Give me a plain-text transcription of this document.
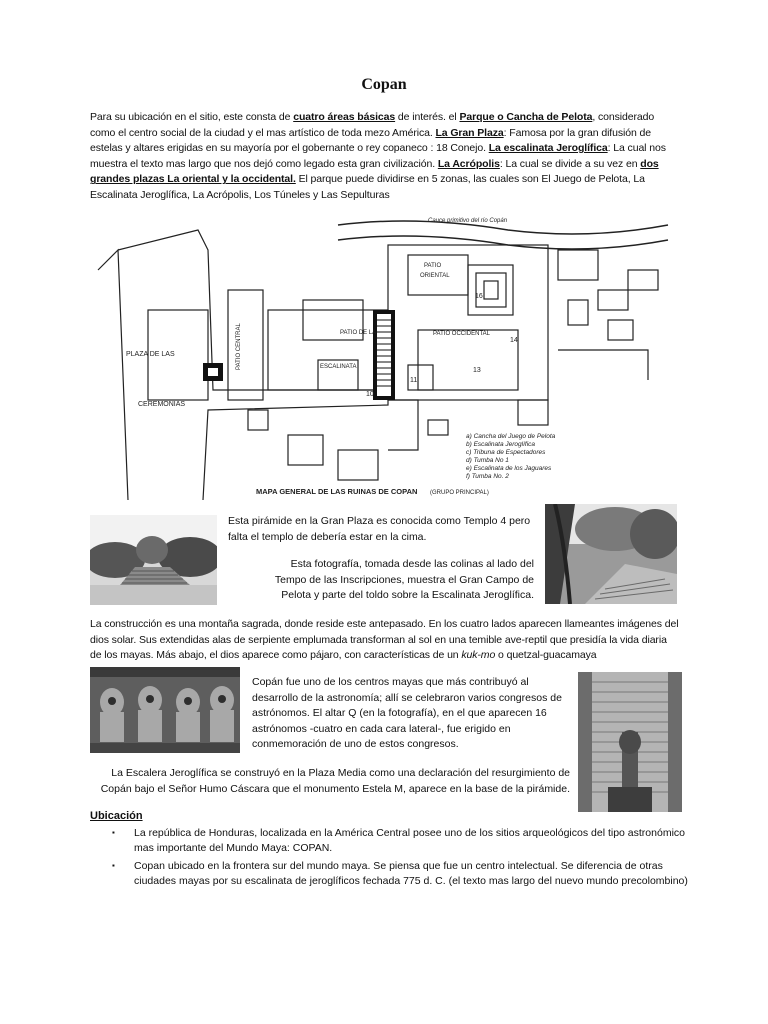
Copan
Para su ubicación en el sitio, este consta de cuatro áreas básicas de interés. el Parque o Cancha de Pelota, considerado como el centro social de la ciudad y el mas artístico de toda mezo América. La Gran Plaza: Famosa por la gran difusión de estelas y altares erigidas en su mayoría por el gobernante o rey copaneco : 18 Conejo. La escalinata Jeroglífica: La cual nos muestra el texto mas largo que nos dejó como legado esta gran civilización. La Acrópolis: La cual se divide a su vez en dos grandes plazas La oriental y la occidental. El parque puede dividirse en 5 zonas, las cuales son El Juego de Pelota, La Escalinata Jeroglífica, La Acrópolis, Los Túneles y Las Sepulturas
PLAZA DE LAS
CEREMONIAS
PATIO CENTRAL	PATIO DE LA
ESCALINATA
PATIO
ORIENTAL
PATIO OCCIDENTAL
16
10
11
14
13
Cauce primitivo del río Copán
a) Cancha del Juego de Pelota
b) Escalinata Jeroglífica
c) Tribuna de Espectadores
d) Tumba No 1
e) Escalinata de los Jaguares
f) Tumba No. 2
MAPA GENERAL DE LAS RUINAS DE COPAN (GRUPO PRINCIPAL)
Esta pirámide en la Gran Plaza es conocida como Templo 4 pero falta el templo de debería estar en la cima.
Esta fotografía, tomada desde las colinas al lado del Tempo de las Inscripciones, muestra el Gran Campo de Pelota y parte del toldo sobre la Escalinata Jeroglífica.
La construcción es una montaña sagrada, donde reside este antepasado. En los cuatro lados aparecen llameantes imágenes del dios solar. Sus extendidas alas de serpiente emplumada transforman al sol en una temible ave-reptil que presidía la vida diaria de los mayas. Más abajo, el dios aparece como pájaro, con características de un kuk-mo o quetzal-guacamaya
Copán fue uno de los centros mayas que más contribuyó al desarrollo de la astronomía; allí se celebraron varios congresos de astrónomos. El altar Q (en la fotografía), en el que aparecen 16 astrónomos -cuatro en cada cara lateral-, fue erigido en conmemoración de uno de estos congresos.
La Escalera Jeroglífica se construyó en la Plaza Media como una declaración del resurgimiento de Copán bajo el Señor Humo Cáscara que el monumento Estela M, aparece en la base de la pirámide.
Ubicación
▪ La república de Honduras, localizada en la América Central posee uno de los sitios arqueológicos del tipo astronómico mas importante del Mundo Maya: COPAN.
▪ Copan ubicado en la frontera sur del mundo maya. Se piensa que fue un centro intelectual. Se diferencia de otras ciudades mayas por su escalinata de jeroglíficos fechada 775 d. C. (el texto mas largo del nuevo mundo precolombino)
